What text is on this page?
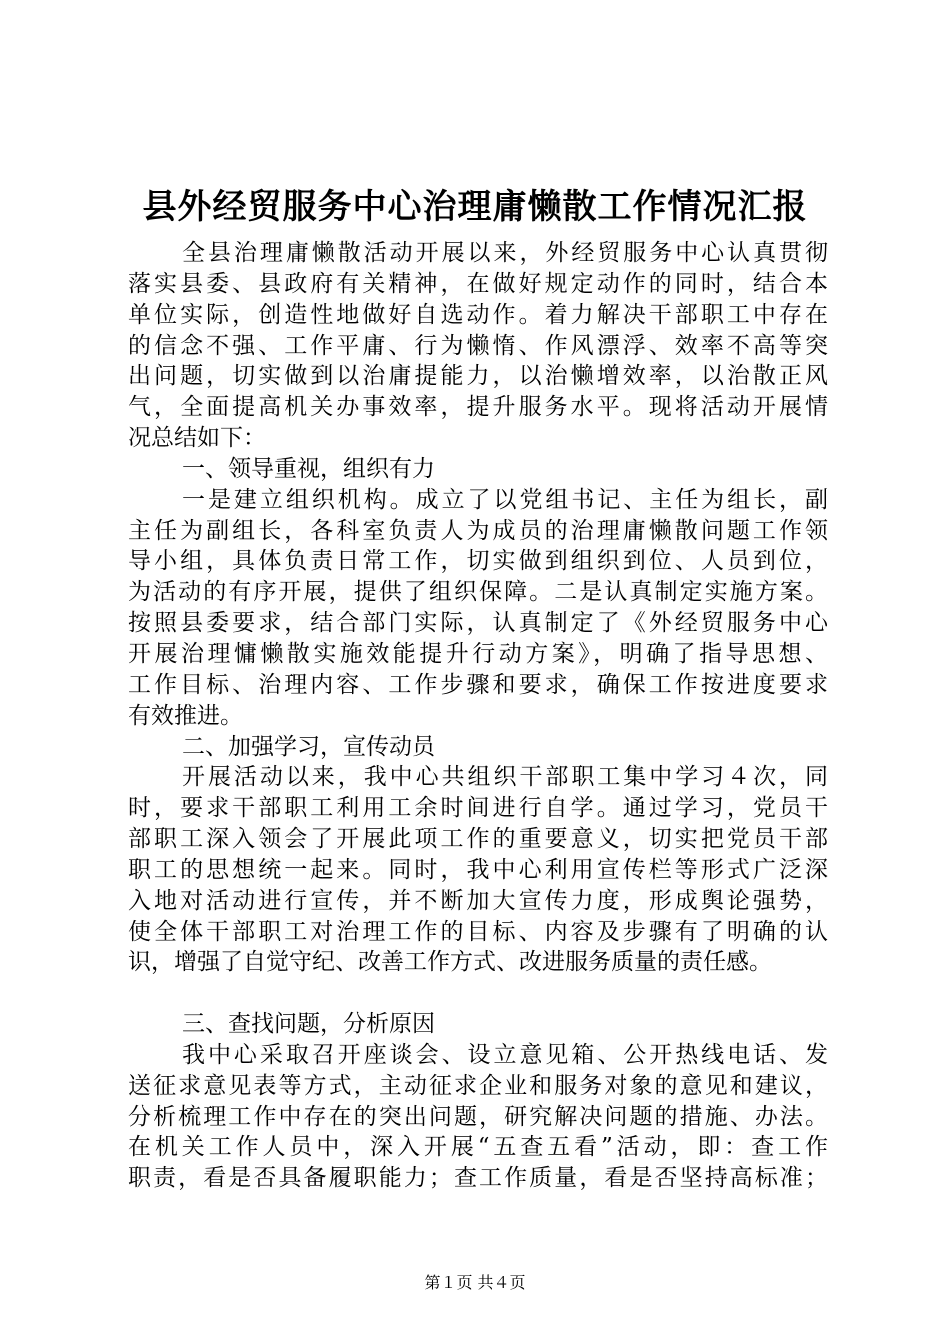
县外经贸服务中心治理庸懒散工作情况汇报
全县治理庸懒散活动开展以来，外经贸服务中心认真贯彻
落实县委、县政府有关精神，在做好规定动作的同时，结合本
单位实际，创造性地做好自选动作。着力解决干部职工中存在
的信念不强、工作平庸、行为懒惰、作风漂浮、效率不高等突
出问题，切实做到以治庸提能力，以治懒增效率，以治散正风
气，全面提高机关办事效率，提升服务水平。现将活动开展情
况总结如下：
一、领导重视，组织有力
一是建立组织机构。成立了以党组书记、主任为组长，副
主任为副组长，各科室负责人为成员的治理庸懒散问题工作领
导小组，具体负责日常工作，切实做到组织到位、人员到位，
为活动的有序开展，提供了组织保障。二是认真制定实施方案。
按照县委要求，结合部门实际，认真制定了《外经贸服务中心
开展治理慵懒散实施效能提升行动方案》，明确了指导思想、
工作目标、治理内容、工作步骤和要求，确保工作按进度要求
有效推进。
二、加强学习，宣传动员
开展活动以来，我中心共组织干部职工集中学习４次，同
时，要求干部职工利用工余时间进行自学。通过学习，党员干
部职工深入领会了开展此项工作的重要意义，切实把党员干部
职工的思想统一起来。同时，我中心利用宣传栏等形式广泛深
入地对活动进行宣传，并不断加大宣传力度，形成舆论强势，
使全体干部职工对治理工作的目标、内容及步骤有了明确的认
识，增强了自觉守纪、改善工作方式、改进服务质量的责任感。
三、查找问题，分析原因
我中心采取召开座谈会、设立意见箱、公开热线电话、发
送征求意见表等方式，主动征求企业和服务对象的意见和建议，
分析梳理工作中存在的突出问题，研究解决问题的措施、办法。
在机关工作人员中，深入开展“五查五看”活动，即：查工作
职责，看是否具备履职能力；查工作质量，看是否坚持高标准；
第１页 共４页
